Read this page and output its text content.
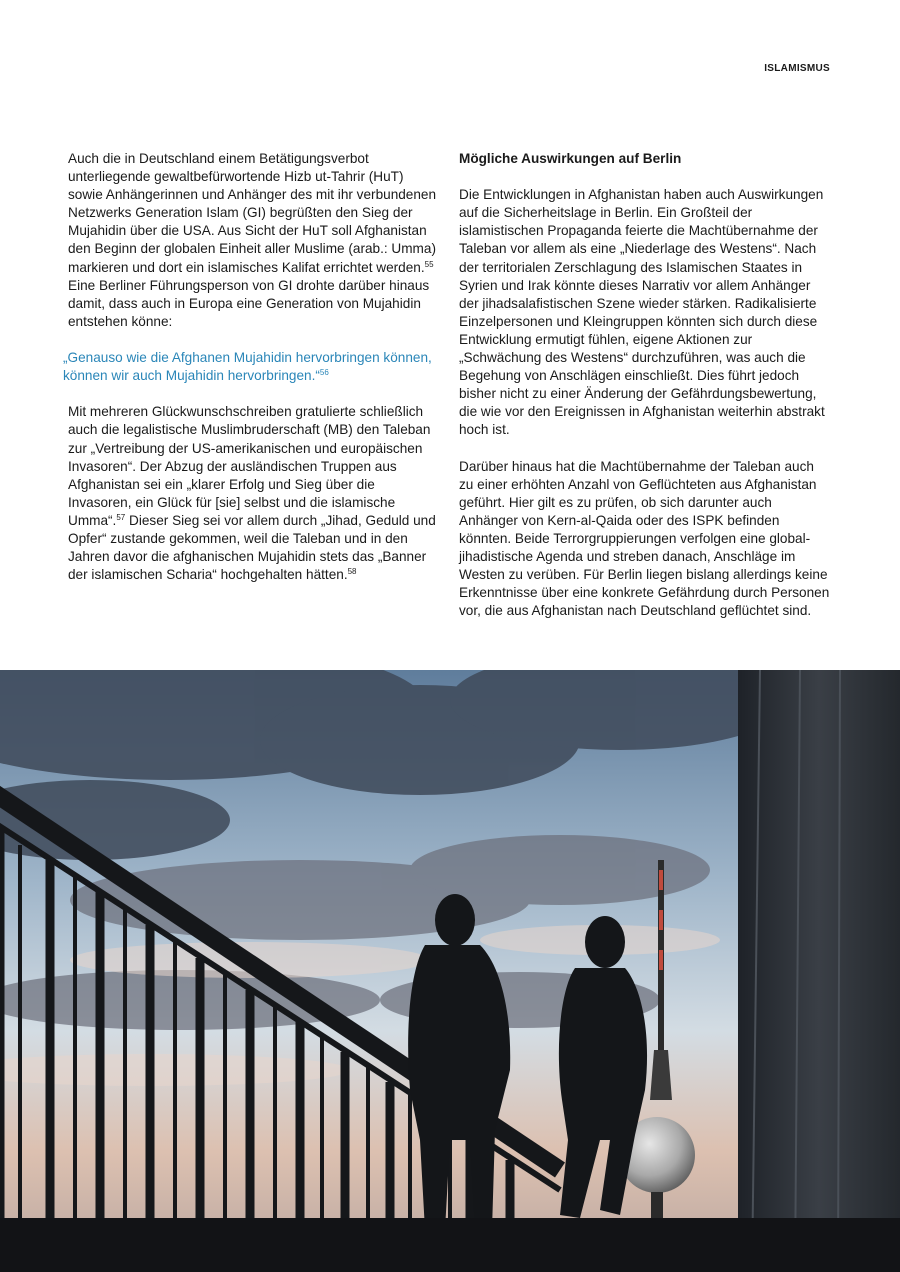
ISLAMISMUS

Auch die in Deutschland einem Betätigungsverbot unterliegende gewaltbefürwortende Hizb ut-Tahrir (HuT) sowie Anhängerinnen und Anhänger des mit ihr verbundenen Netzwerks Generation Islam (GI) begrüßten den Sieg der Mujahidin über die USA. Aus Sicht der HuT soll Afghanistan den Beginn der globalen Einheit aller Muslime (arab.: Umma) markieren und dort ein islamisches Kalifat errichtet werden.$^{55}$ Eine Berliner Führungsperson von GI drohte darüber hinaus damit, dass auch in Europa eine Generation von Mujahidin entstehen könne:

„Genauso wie die Afghanen Mujahidin hervorbringen können, können wir auch Mujahidin hervorbringen.“$^{56}$

Mit mehreren Glückwunschschreiben gratulierte schließlich auch die legalistische Muslimbruderschaft (MB) den Taleban zur „Vertreibung der US-amerikanischen und europäischen Invasoren“. Der Abzug der ausländischen Truppen aus Afghanistan sei ein „klarer Erfolg und Sieg über die Invasoren, ein Glück für [sie] selbst und die islamische Umma“.$^{57}$ Dieser Sieg sei vor allem durch „Jihad, Geduld und Opfer“ zustande gekommen, weil die Taleban und in den Jahren davor die afghanischen Mujahidin stets das „Banner der islamischen Scharia“ hochgehalten hätten.$^{58}$

Mögliche Auswirkungen auf Berlin

Die Entwicklungen in Afghanistan haben auch Auswirkungen auf die Sicherheitslage in Berlin. Ein Großteil der islamistischen Propaganda feierte die Machtübernahme der Taleban vor allem als eine „Niederlage des Westens“. Nach der territorialen Zerschlagung des Islamischen Staates in Syrien und Irak könnte dieses Narrativ vor allem Anhänger der jihadsalafistischen Szene wieder stärken. Radikalisierte Einzelpersonen und Kleingruppen könnten sich durch diese Entwicklung ermutigt fühlen, eigene Aktionen zur „Schwächung des Westens“ durchzuführen, was auch die Begehung von Anschlägen einschließt. Dies führt jedoch bisher nicht zu einer Änderung der Gefährdungsbewertung, die wie vor den Ereignissen in Afghanistan weiterhin abstrakt hoch ist.

Darüber hinaus hat die Machtübernahme der Taleban auch zu einer erhöhten Anzahl von Geflüchteten aus Afghanistan geführt. Hier gilt es zu prüfen, ob sich darunter auch Anhänger von Kern-al-Qaida oder des ISPK befinden könnten. Beide Terrorgruppierungen verfolgen eine global-jihadistische Agenda und streben danach, Anschläge im Westen zu verüben. Für Berlin liegen bislang allerdings keine Erkenntnisse über eine konkrete Gefährdung durch Personen vor, die aus Afghanistan nach Deutschland geflüchtet sind.
